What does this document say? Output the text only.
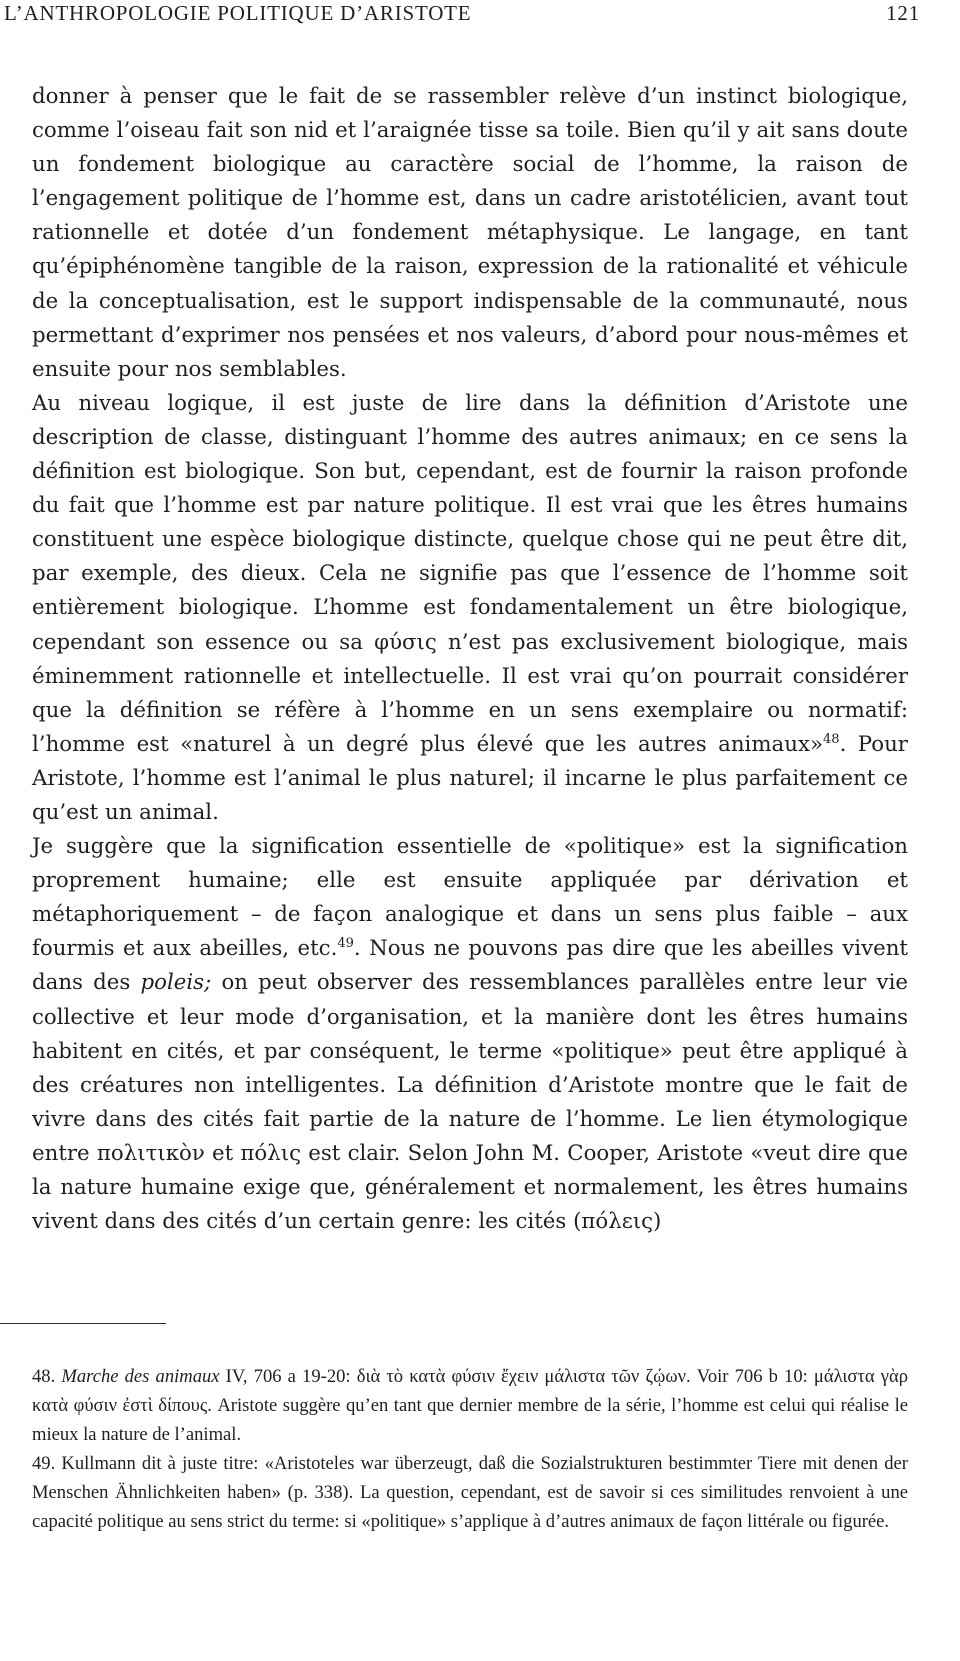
L’ANTHROPOLOGIE POLITIQUE D’ARISTOTE	121

donner à penser que le fait de se rassembler relève d’un instinct biologique, comme l’oiseau fait son nid et l’araignée tisse sa toile. Bien qu’il y ait sans doute un fondement biologique au caractère social de l’homme, la raison de l’engagement politique de l’homme est, dans un cadre aristotélicien, avant tout rationnelle et dotée d’un fondement métaphysique. Le langage, en tant qu’épiphénomène tangible de la raison, expression de la rationalité et véhicule de la conceptualisation, est le support indispensable de la communauté, nous permettant d’exprimer nos pensées et nos valeurs, d’abord pour nous-mêmes et ensuite pour nos semblables.

Au niveau logique, il est juste de lire dans la définition d’Aristote une description de classe, distinguant l’homme des autres animaux; en ce sens la définition est biologique. Son but, cependant, est de fournir la raison profonde du fait que l’homme est par nature politique. Il est vrai que les êtres humains constituent une espèce biologique distincte, quelque chose qui ne peut être dit, par exemple, des dieux. Cela ne signifie pas que l’essence de l’homme soit entièrement biologique. L’homme est fondamentalement un être biologique, cependant son essence ou sa φύσις n’est pas exclusivement biologique, mais éminemment rationnelle et intellectuelle. Il est vrai qu’on pourrait considérer que la définition se réfère à l’homme en un sens exemplaire ou normatif: l’homme est «naturel à un degré plus élevé que les autres animaux»$^{48}$. Pour Aristote, l’homme est l’animal le plus naturel; il incarne le plus parfaitement ce qu’est un animal.

Je suggère que la signification essentielle de «politique» est la signification proprement humaine; elle est ensuite appliquée par dérivation et métaphoriquement – de façon analogique et dans un sens plus faible – aux fourmis et aux abeilles, etc.$^{49}$. Nous ne pouvons pas dire que les abeilles vivent dans des poleis; on peut observer des ressemblances parallèles entre leur vie collective et leur mode d’organisation, et la manière dont les êtres humains habitent en cités, et par conséquent, le terme «politique» peut être appliqué à des créatures non intelligentes. La définition d’Aristote montre que le fait de vivre dans des cités fait partie de la nature de l’homme. Le lien étymologique entre πολιτικὸν et πόλις est clair. Selon John M. Cooper, Aristote «veut dire que la nature humaine exige que, généralement et normalement, les êtres humains vivent dans des cités d’un certain genre: les cités (πόλεις)

48. Marche des animaux IV, 706 a 19-20: διὰ τὸ κατὰ φύσιν ἔχειν μάλιστα τῶν ζῴων. Voir 706 b 10: μάλιστα γὰρ κατὰ φύσιν ἐστὶ δίπους. Aristote suggère qu’en tant que dernier membre de la série, l’homme est celui qui réalise le mieux la nature de l’animal.

49. Kullmann dit à juste titre: «Aristoteles war überzeugt, daß die Sozialstrukturen bestimmter Tiere mit denen der Menschen Ähnlichkeiten haben» (p. 338). La question, cependant, est de savoir si ces similitudes renvoient à une capacité politique au sens strict du terme: si «politique» s’applique à d’autres animaux de façon littérale ou figurée.
